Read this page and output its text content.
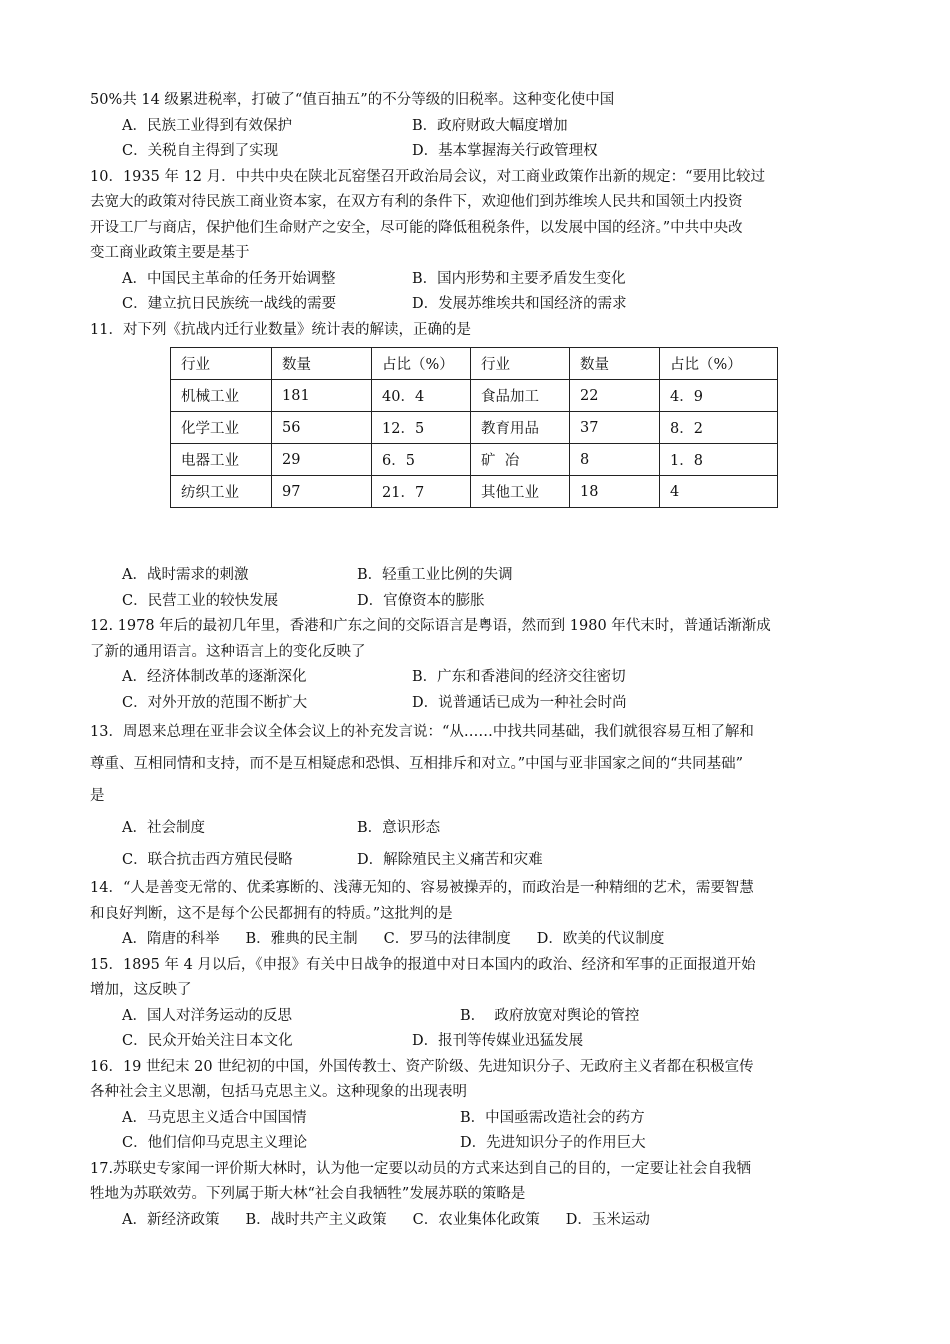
50%共 14 级累进税率，打破了“值百抽五”的不分等级的旧税率。这种变化使中国
A．民族工业得到有效保护	B．政府财政大幅度增加
C．关税自主得到了实现	D．基本掌握海关行政管理权
10．1935 年 12 月．中共中央在陕北瓦窑堡召开政治局会议，对工商业政策作出新的规定：“要用比较过
去宽大的政策对待民族工商业资本家，在双方有利的条件下，欢迎他们到苏维埃人民共和国领土内投资
开设工厂与商店，保护他们生命财产之安全，尽可能的降低租税条件，以发展中国的经济。”中共中央改
变工商业政策主要是基于
A．中国民主革命的任务开始调整	B．国内形势和主要矛盾发生变化
C．建立抗日民族统一战线的需要	D．发展苏维埃共和国经济的需求
11．对下列《抗战内迁行业数量》统计表的解读，正确的是
行业	数量	占比（%）	行业	数量	占比（%）
机械工业	181	40．4	食品加工	22	4．9
化学工业	56	12．5	教育用品	37	8．2
电器工业	29	6．5	矿  冶	8	1．8
纺织工业	97	21．7	其他工业	18	4
A．战时需求的刺激	B．轻重工业比例的失调
C．民营工业的较快发展	D．官僚资本的膨胀
12. 1978 年后的最初几年里，香港和广东之间的交际语言是粤语，然而到 1980 年代末时，普通话渐渐成
了新的通用语言。这种语言上的变化反映了
A．经济体制改革的逐渐深化	B．广东和香港间的经济交往密切
C．对外开放的范围不断扩大	D．说普通话已成为一种社会时尚
13．周恩来总理在亚非会议全体会议上的补充发言说：“从……中找共同基础，我们就很容易互相了解和
尊重、互相同情和支持，而不是互相疑虑和恐惧、互相排斥和对立。”中国与亚非国家之间的“共同基础”
是
A．社会制度	B．意识形态
C．联合抗击西方殖民侵略	D．解除殖民主义痛苦和灾难
14．“人是善变无常的、优柔寡断的、浅薄无知的、容易被操弄的，而政治是一种精细的艺术，需要智慧
和良好判断，这不是每个公民都拥有的特质。”这批判的是
A．隋唐的科举 B．雅典的民主制 C．罗马的法律制度 D．欧美的代议制度
15．1895 年 4 月以后，《申报》有关中日战争的报道中对日本国内的政治、经济和军事的正面报道开始
增加，这反映了
A．国人对洋务运动的反思	B．  政府放宽对舆论的管控
C．民众开始关注日本文化	D．报刊等传媒业迅猛发展
16．19 世纪末 20 世纪初的中国，外国传教士、资产阶级、先进知识分子、无政府主义者都在积极宣传
各种社会主义思潮，包括马克思主义。这种现象的出现表明
A．马克思主义适合中国国情	B．中国亟需改造社会的药方
C．他们信仰马克思主义理论	D．先进知识分子的作用巨大
17.苏联史专家闻一评价斯大林时，认为他一定要以动员的方式来达到自己的目的，一定要让社会自我牺
牲地为苏联效劳。下列属于斯大林“社会自我牺牲”发展苏联的策略是
A．新经济政策 B．战时共产主义政策 C．农业集体化政策 D．玉米运动
